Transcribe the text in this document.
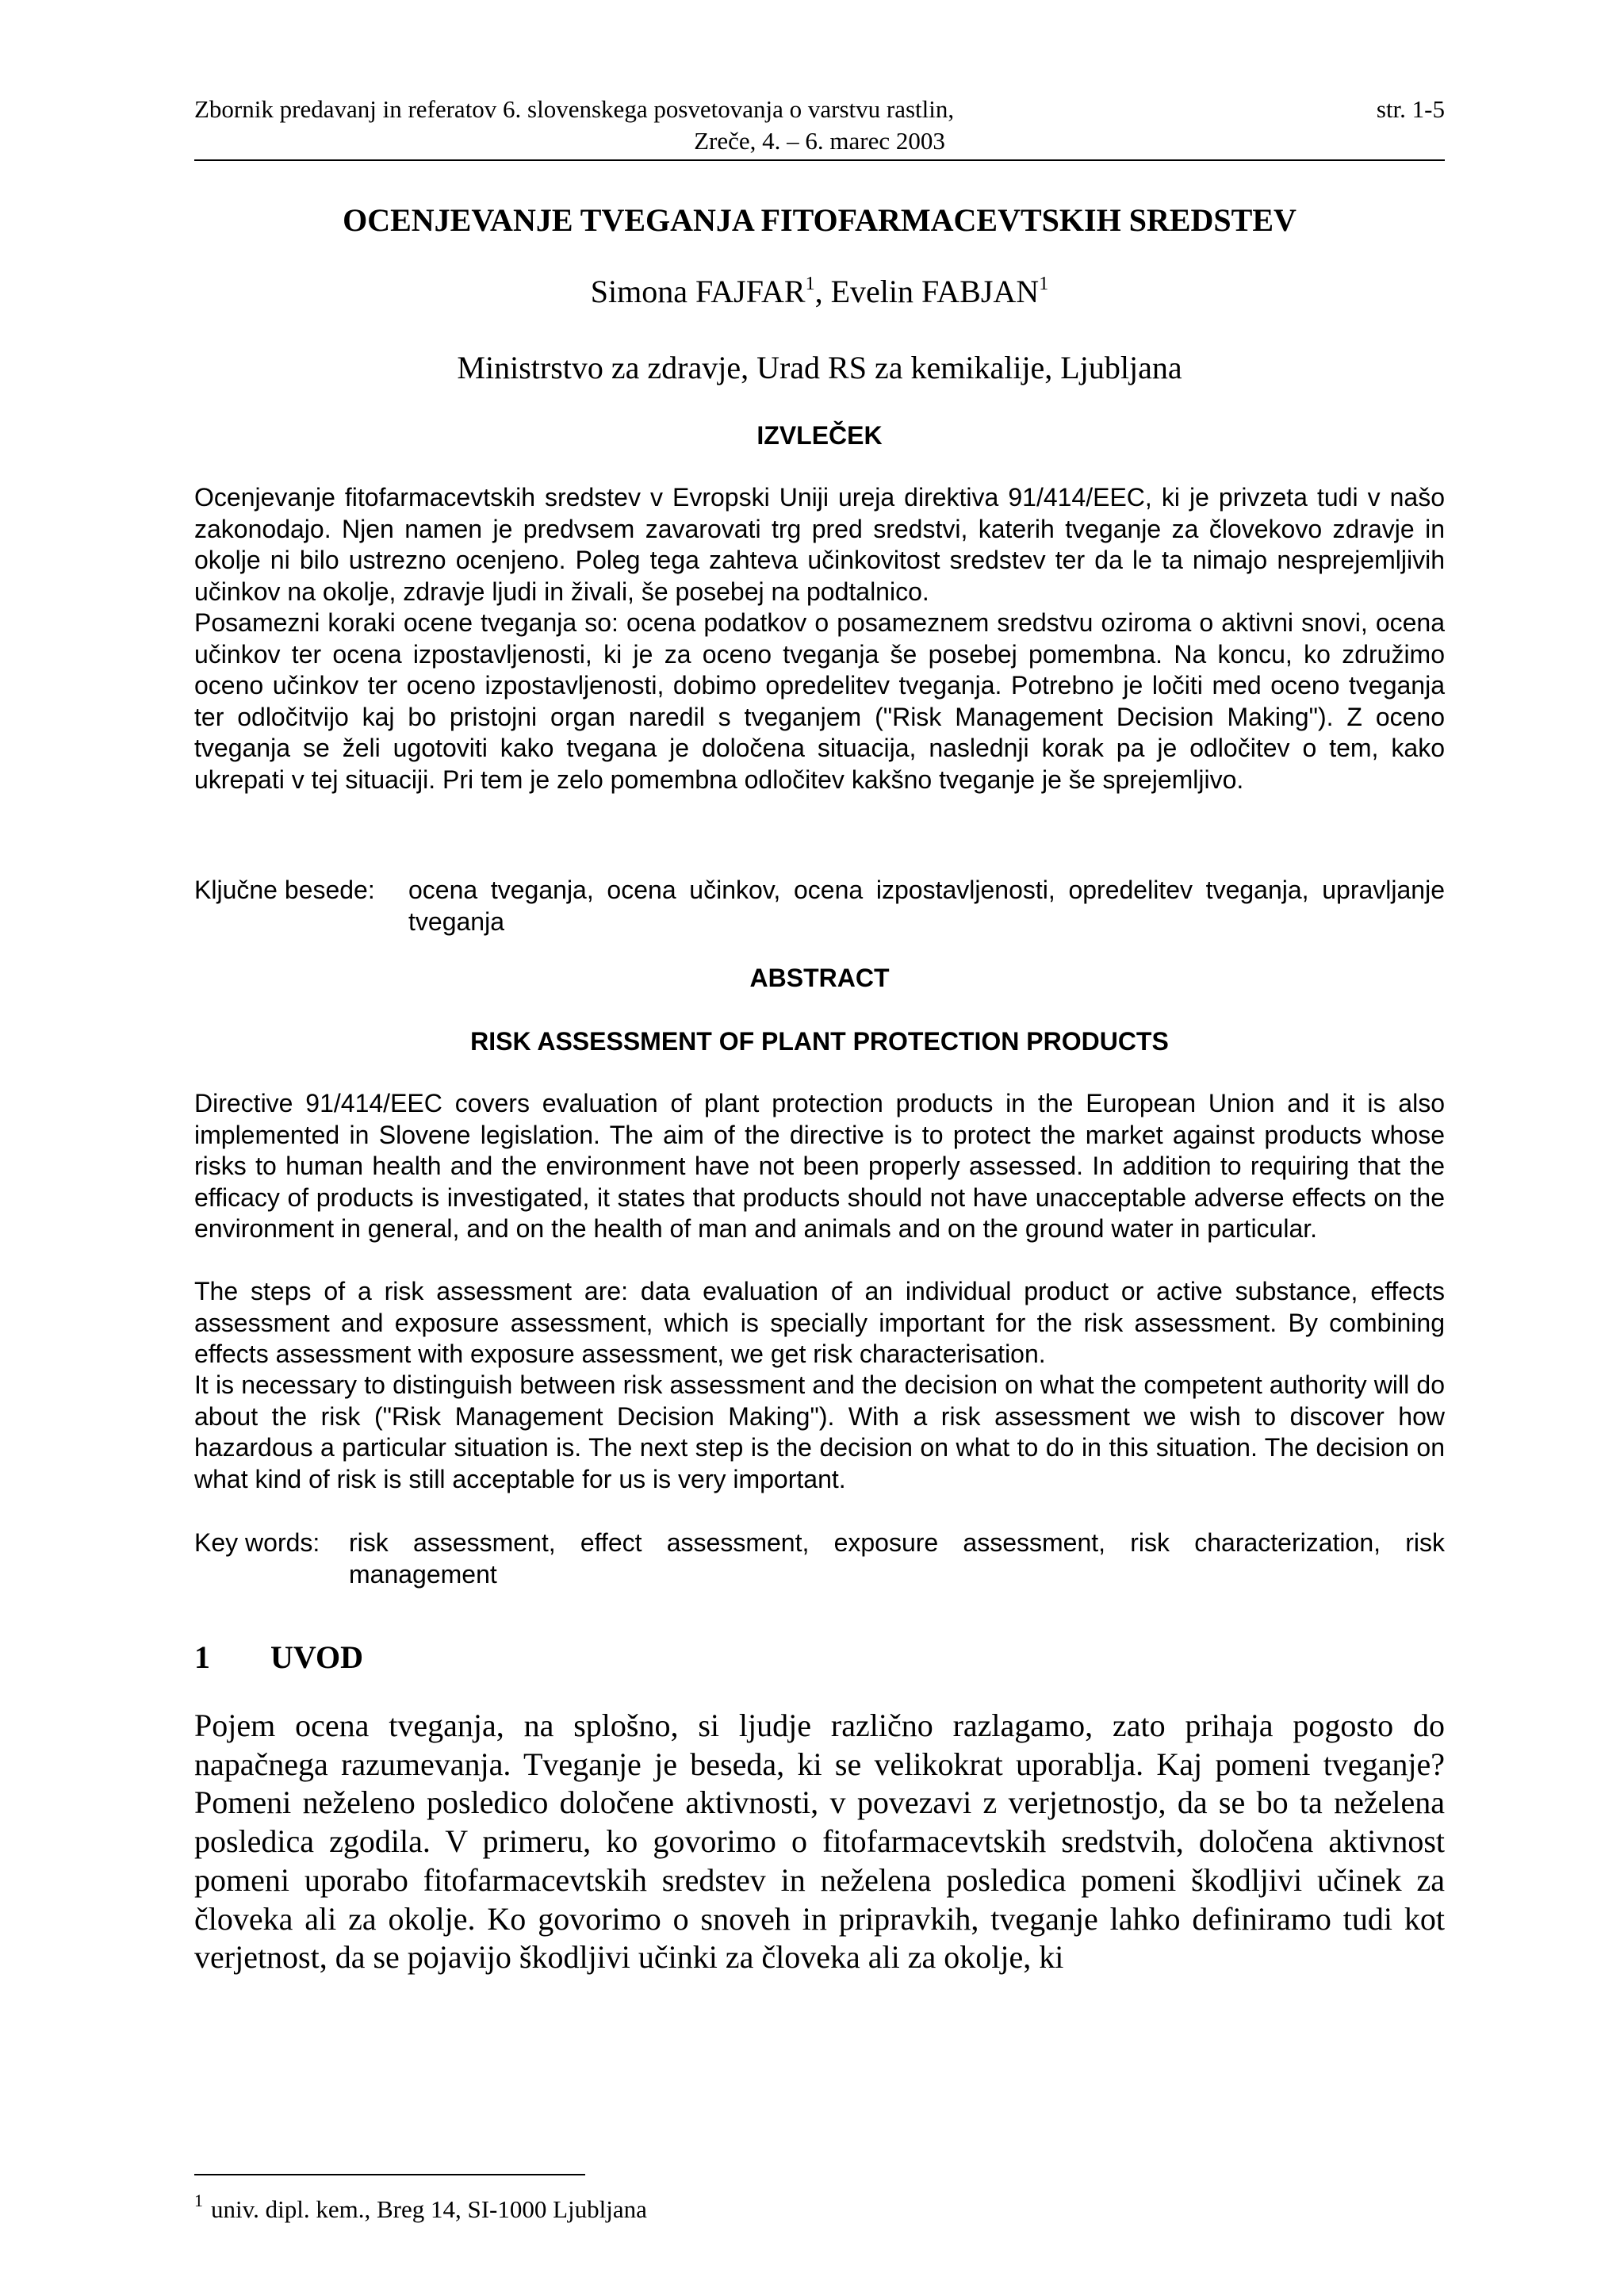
Zbornik predavanj in referatov 6. slovenskega posvetovanja o varstvu rastlin,	str. 1-5
Zreče, 4. – 6. marec 2003
OCENJEVANJE TVEGANJA FITOFARMACEVTSKIH SREDSTEV
Simona FAJFAR$^1$, Evelin FABJAN$^1$
Ministrstvo za zdravje, Urad RS za kemikalije, Ljubljana
IZVLEČEK

Ocenjevanje fitofarmacevtskih sredstev v Evropski Uniji ureja direktiva 91/414/EEC, ki je privzeta tudi v našo zakonodajo. Njen namen je predvsem zavarovati trg pred sredstvi, katerih tveganje za človekovo zdravje in okolje ni bilo ustrezno ocenjeno. Poleg tega zahteva učinkovitost sredstev ter da le ta nimajo nesprejemljivih učinkov na okolje, zdravje ljudi in živali, še posebej na podtalnico.

Posamezni koraki ocene tveganja so: ocena podatkov o posameznem sredstvu oziroma o aktivni snovi, ocena učinkov ter ocena izpostavljenosti, ki je za oceno tveganja še posebej pomembna. Na koncu, ko združimo oceno učinkov ter oceno izpostavljenosti, dobimo opredelitev tveganja. Potrebno je ločiti med oceno tveganja ter odločitvijo kaj bo pristojni organ naredil s tveganjem ("Risk Management Decision Making"). Z oceno tveganja se želi ugotoviti kako tvegana je določena situacija, naslednji korak pa je odločitev o tem, kako ukrepati v tej situaciji. Pri tem je zelo pomembna odločitev kakšno tveganje je še sprejemljivo.

Ključne besede: ocena tveganja, ocena učinkov, ocena izpostavljenosti, opredelitev tveganja, upravljanje tveganja
ABSTRACT
RISK ASSESSMENT OF PLANT PROTECTION PRODUCTS

Directive 91/414/EEC covers evaluation of plant protection products in the European Union and it is also implemented in Slovene legislation. The aim of the directive is to protect the market against products whose risks to human health and the environment have not been properly assessed. In addition to requiring that the efficacy of products is investigated, it states that products should not have unacceptable adverse effects on the environment in general, and on the health of man and animals and on the ground water in particular.

The steps of a risk assessment are: data evaluation of an individual product or active substance, effects assessment and exposure assessment, which is specially important for the risk assessment. By combining effects assessment with exposure assessment, we get risk characterisation.

It is necessary to distinguish between risk assessment and the decision on what the competent authority will do about the risk ("Risk Management Decision Making"). With a risk assessment we wish to discover how hazardous a particular situation is. The next step is the decision on what to do in this situation. The decision on what kind of risk is still acceptable for us is very important.

Key words: risk assessment, effect assessment, exposure assessment, risk characterization, risk management
1 UVOD

Pojem ocena tveganja, na splošno, si ljudje različno razlagamo, zato prihaja pogosto do napačnega razumevanja. Tveganje je beseda, ki se velikokrat uporablja. Kaj pomeni tveganje? Pomeni neželeno posledico določene aktivnosti, v povezavi z verjetnostjo, da se bo ta neželena posledica zgodila. V primeru, ko govorimo o fitofarmacevtskih sredstvih, določena aktivnost pomeni uporabo fitofarmacevtskih sredstev in neželena posledica pomeni škodljivi učinek za človeka ali za okolje. Ko govorimo o snoveh in pripravkih, tveganje lahko definiramo tudi kot verjetnost, da se pojavijo škodljivi učinki za človeka ali za okolje, ki

$^1$ univ. dipl. kem., Breg 14, SI-1000 Ljubljana
